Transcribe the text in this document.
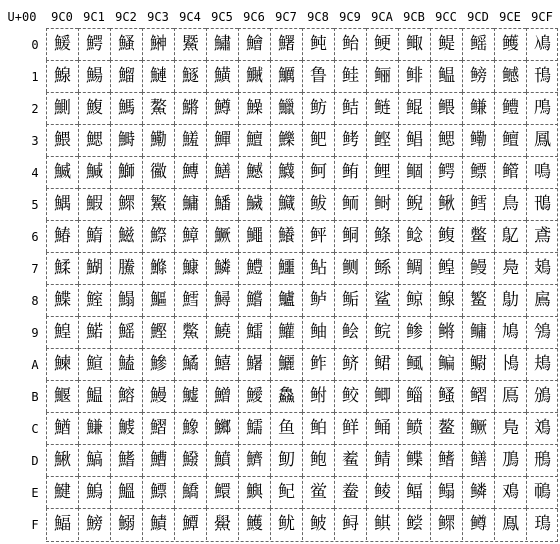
U+00
鰀 鰐 鰠 鰰 鱀 鱐 鱠 鱰 鲀 鲐 鲠 鲰 鳀 鳐 鳠 鳰
鰁 鰑 鰡 鰱 鱁 鱑 鱡 鱱 鲁 鲑 鲡 鲱 鳁 鳑 鳡 鳱
鰂 鰒 鰢 鰲 鱂 鱒 鱢 鱲 鲂 鲒 鲢 鲲 鳂 鳒 鳢 鳲
鰃 鰓 鰣 鰳 鱃 鱓 鱣 鱳 鲃 鲓 鲣 鲳 鳃 鳓 鳣 鳳
鰄 鰔 鰤 鰴 鱄 鱔 鱤 鱴 鲄 鲔 鲤 鲴 鳄 鳔 鳤 鳴
鰅 鰕 鰥 鰵 鱅 鱕 鱥 鱵 鲅 鲕 鲥 鲵 鳅 鳕 鳥 鳵
鰆 鰖 鰦 鰶 鱆 鱖 鱦 鱶 鲆 鲖 鲦 鲶 鳆 鳖 鳦 鳶
鰇 鰗 鰧 鰷 鱇 鱗 鱧 鱷 鲇 鲗 鲧 鲷 鳇 鳗 鳧 鳷
鰈 鰘 鰨 鰸 鱈 鱘 鱨 鱸 鲈 鲘 鲨 鲸 鳈 鳘 鳨 鳸
鰉 鰙 鰩 鰹 鱉 鱙 鱩 鱹 鲉 鲙 鲩 鲹 鳉 鳙 鳩 鳹
鰊 鰚 鰪 鰺 鱊 鱚 鱪 鱺 鲊 鲚 鲪 鲺 鳊 鳚 鳪 鳺
鰋 鰛 鰫 鰻 鱋 鱛 鱫 鱻 鲋 鲛 鲫 鲻 鳋 鳛 鳫 鳻
鰌 鰜 鰬 鰼 鱌 鱜 鱬 鱼 鲌 鲜 鲬 鲼 鳌 鳜 鳬 鳼
鰍 鰝 鰭 鰽 鱍 鱝 鱭 鱽 鲍 鲝 鲭 鲽 鳍 鳝 鳭 鳽
鰎 鰞 鰮 鰾 鱎 鱞 鱮 鱾 鲎 鲞 鲮 鲾 鳎 鳞 鳮 鳾
鰏 鰟 鰯 鰿 鱏 鱟 鱯 鱿 鲏 鲟 鲯 鲿 鳏 鳟 鳯 鳿
9C0 9C1 9C2 9C3 9C4 9C5 9C6 9C7 9C8 9C9 9CA 9CB 9CC 9CD 9CE 9CF
0
1
2
3
4
5
6
7
8
9
A
B
C
D
E
F
